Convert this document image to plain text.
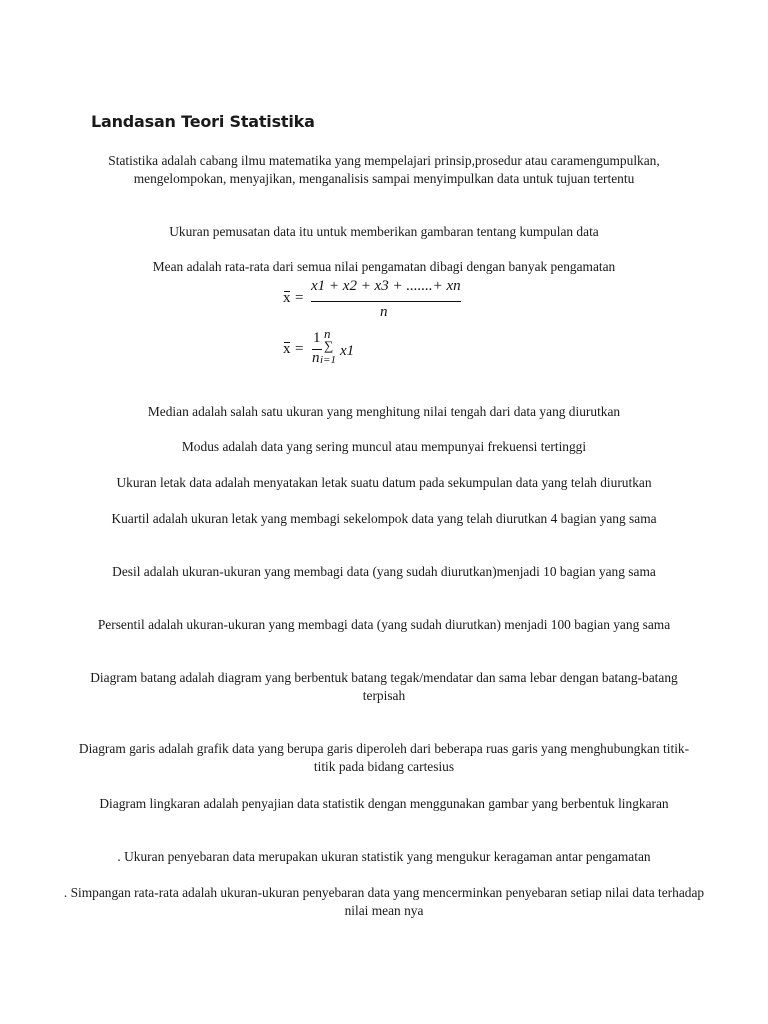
Landasan Teori Statistika

Statistika adalah cabang ilmu matematika yang mempelajari prinsip,prosedur atau caramengumpulkan, mengelompokan, menyajikan, menganalisis sampai menyimpulkan data untuk tujuan tertentu

Ukuran pemusatan data itu untuk memberikan gambaran tentang kumpulan data

Mean adalah rata-rata dari semua nilai pengamatan dibagi dengan banyak pengamatan

x =
x1 + x2 + x3 + .......+ xn
n
x =
1
n
n
∑
i=1
x1

Median adalah salah satu ukuran yang menghitung nilai tengah dari data yang diurutkan

Modus adalah data yang sering muncul atau mempunyai frekuensi tertinggi

Ukuran letak data adalah menyatakan letak suatu datum pada sekumpulan data yang telah diurutkan

Kuartil adalah ukuran letak yang membagi sekelompok data yang telah diurutkan 4 bagian yang sama

Desil adalah ukuran-ukuran yang membagi data (yang sudah diurutkan)menjadi 10 bagian yang sama

Persentil adalah ukuran-ukuran yang membagi data (yang sudah diurutkan) menjadi 100 bagian yang sama

Diagram batang adalah diagram yang berbentuk batang tegak/mendatar dan sama lebar dengan batang-batang terpisah

Diagram garis adalah grafik data yang berupa garis diperoleh dari beberapa ruas garis yang menghubungkan titik-titik pada bidang cartesius

Diagram lingkaran adalah penyajian data statistik dengan menggunakan gambar yang berbentuk lingkaran

. Ukuran penyebaran data merupakan ukuran statistik yang mengukur keragaman antar pengamatan

. Simpangan rata-rata adalah ukuran-ukuran penyebaran data yang mencerminkan penyebaran setiap nilai data terhadap nilai mean nya
